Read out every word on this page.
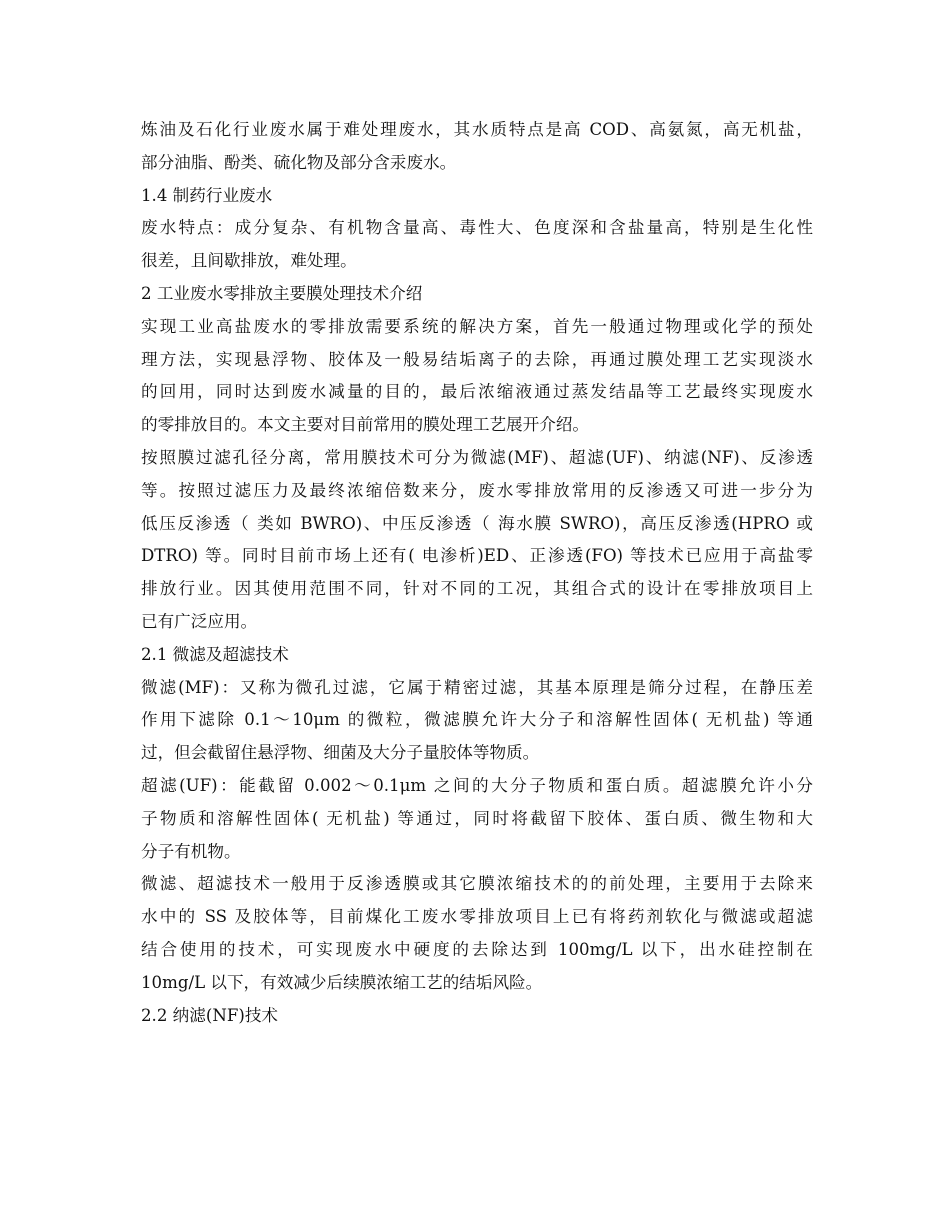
炼油及石化行业废水属于难处理废水，其水质特点是高 COD、高氨氮，高无机盐，
部分油脂、酚类、硫化物及部分含汞废水。
1.4 制药行业废水
废水特点：成分复杂、有机物含量高、毒性大、色度深和含盐量高，特别是生化性
很差，且间歇排放，难处理。
2 工业废水零排放主要膜处理技术介绍
实现工业高盐废水的零排放需要系统的解决方案，首先一般通过物理或化学的预处
理方法，实现悬浮物、胶体及一般易结垢离子的去除，再通过膜处理工艺实现淡水
的回用，同时达到废水减量的目的，最后浓缩液通过蒸发结晶等工艺最终实现废水
的零排放目的。本文主要对目前常用的膜处理工艺展开介绍。
按照膜过滤孔径分离，常用膜技术可分为微滤(MF)、超滤(UF)、纳滤(NF)、反渗透
等。按照过滤压力及最终浓缩倍数来分，废水零排放常用的反渗透又可进一步分为
低压反渗透（ 类如 BWRO)、中压反渗透（ 海水膜 SWRO)，高压反渗透(HPRO 或
DTRO) 等。同时目前市场上还有( 电渗析)ED、正渗透(FO) 等技术已应用于高盐零
排放行业。因其使用范围不同，针对不同的工况，其组合式的设计在零排放项目上
已有广泛应用。
2.1 微滤及超滤技术
微滤(MF)：又称为微孔过滤，它属于精密过滤，其基本原理是筛分过程，在静压差
作用下滤除 0.1～10μm 的微粒，微滤膜允许大分子和溶解性固体( 无机盐) 等通
过，但会截留住悬浮物、细菌及大分子量胶体等物质。
超滤(UF)：能截留 0.002～0.1μm 之间的大分子物质和蛋白质。超滤膜允许小分
子物质和溶解性固体( 无机盐) 等通过，同时将截留下胶体、蛋白质、微生物和大
分子有机物。
微滤、超滤技术一般用于反渗透膜或其它膜浓缩技术的的前处理，主要用于去除来
水中的 SS 及胶体等，目前煤化工废水零排放项目上已有将药剂软化与微滤或超滤
结合使用的技术，可实现废水中硬度的去除达到 100mg/L 以下，出水硅控制在
10mg/L 以下，有效减少后续膜浓缩工艺的结垢风险。
2.2 纳滤(NF)技术
